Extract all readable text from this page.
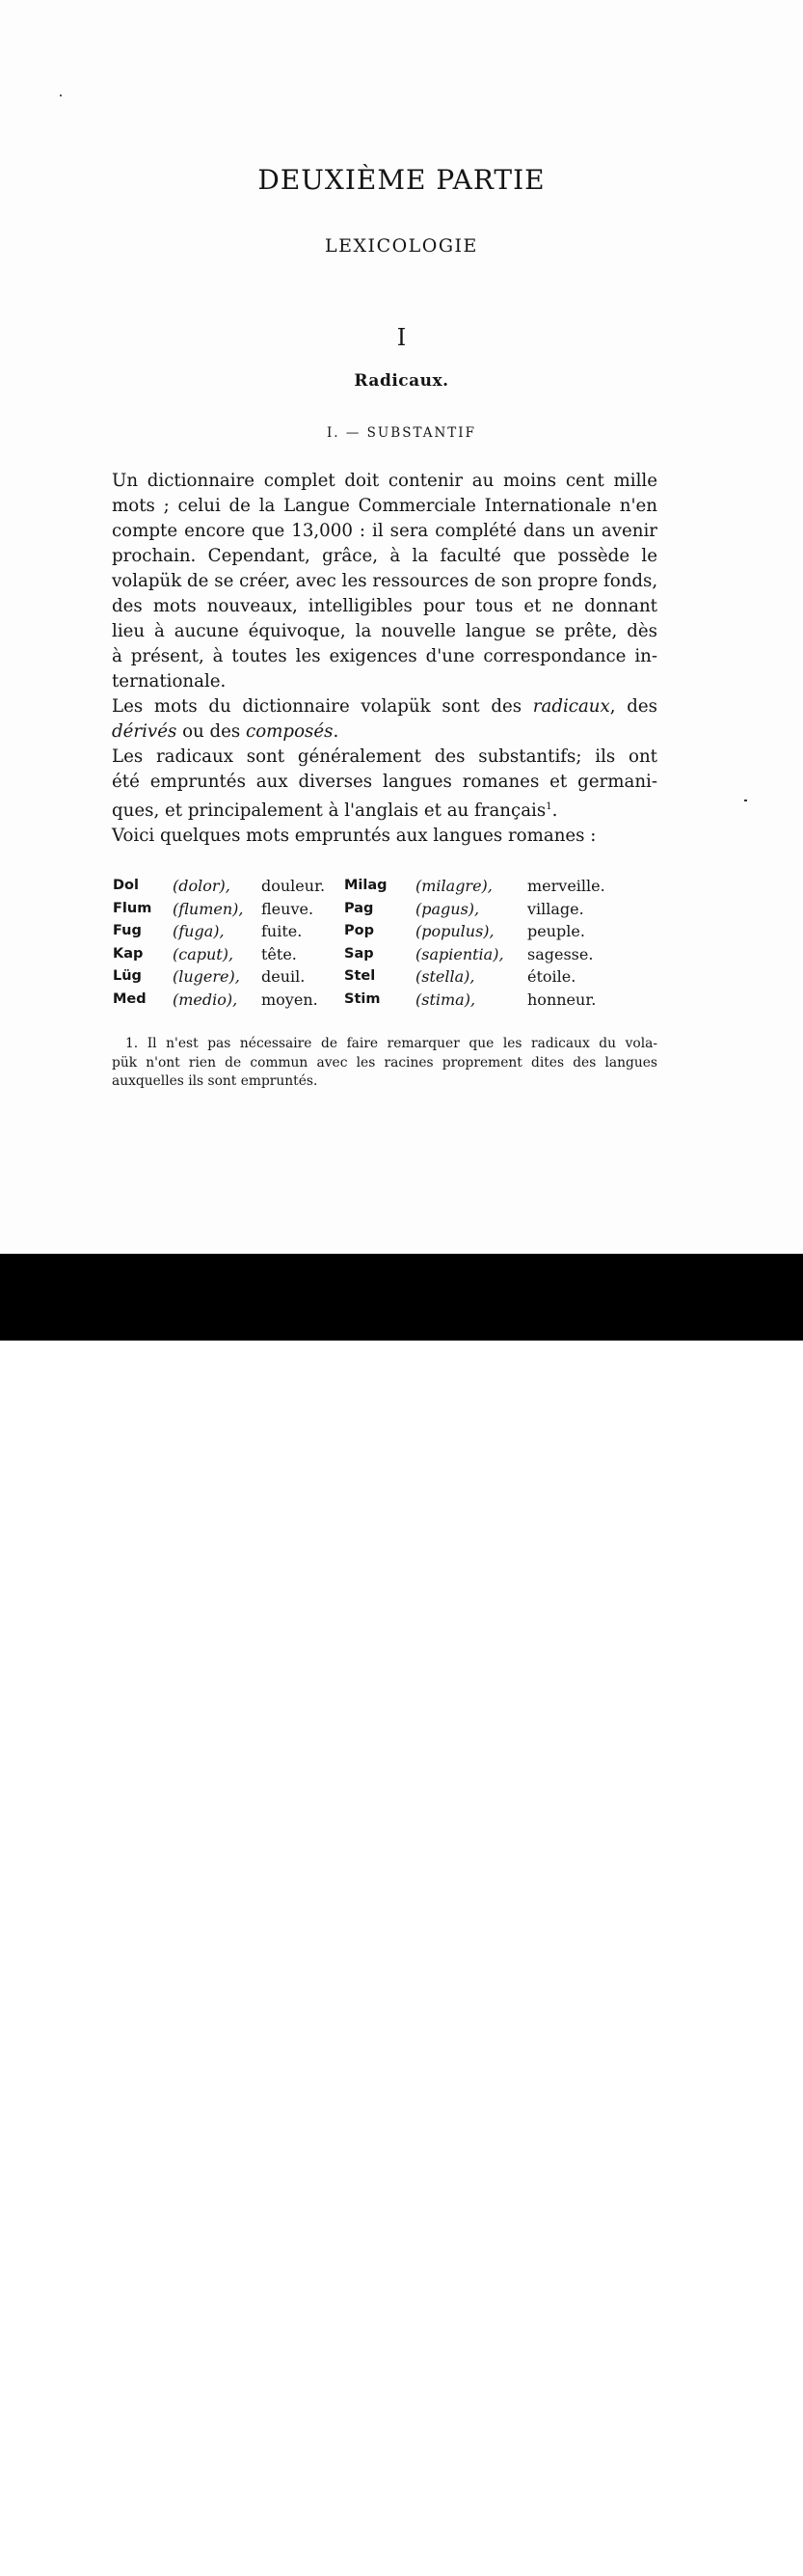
DEUXIÈME PARTIE
LEXICOLOGIE
I
Radicaux.
I. — SUBSTANTIF
Un dictionnaire complet doit contenir au moins cent mille
mots ; celui de la Langue Commerciale Internationale n'en
compte encore que 13,000 : il sera complété dans un avenir
prochain. Cependant, grâce, à la faculté que possède le
volapük de se créer, avec les ressources de son propre fonds,
des mots nouveaux, intelligibles pour tous et ne donnant
lieu à aucune équivoque, la nouvelle langue se prête, dès
à présent, à toutes les exigences d'une correspondance in-
ternationale.
Les mots du dictionnaire volapük sont des radicaux, des
dérivés ou des composés.
Les radicaux sont généralement des substantifs; ils ont
été empruntés aux diverses langues romanes et germani-
ques, et principalement à l'anglais et au français$^1$.
Voici quelques mots empruntés aux langues romanes :
Dol	(dolor),	douleur.	Milag	(milagre),	merveille.
Flum	(flumen),	fleuve.	Pag	(pagus),	village.
Fug	(fuga),	fuite.	Pop	(populus),	peuple.
Kap	(caput),	tête.	Sap	(sapientia),	sagesse.
Lüg	(lugere),	deuil.	Stel	(stella),	étoile.
Med	(medio),	moyen.	Stim	(stima),	honneur.
1. Il n'est pas nécessaire de faire remarquer que les radicaux du vola-
pük n'ont rien de commun avec les racines proprement dites des langues
auxquelles ils sont empruntés.
alamy	KXPB3C
www.alamy.com
